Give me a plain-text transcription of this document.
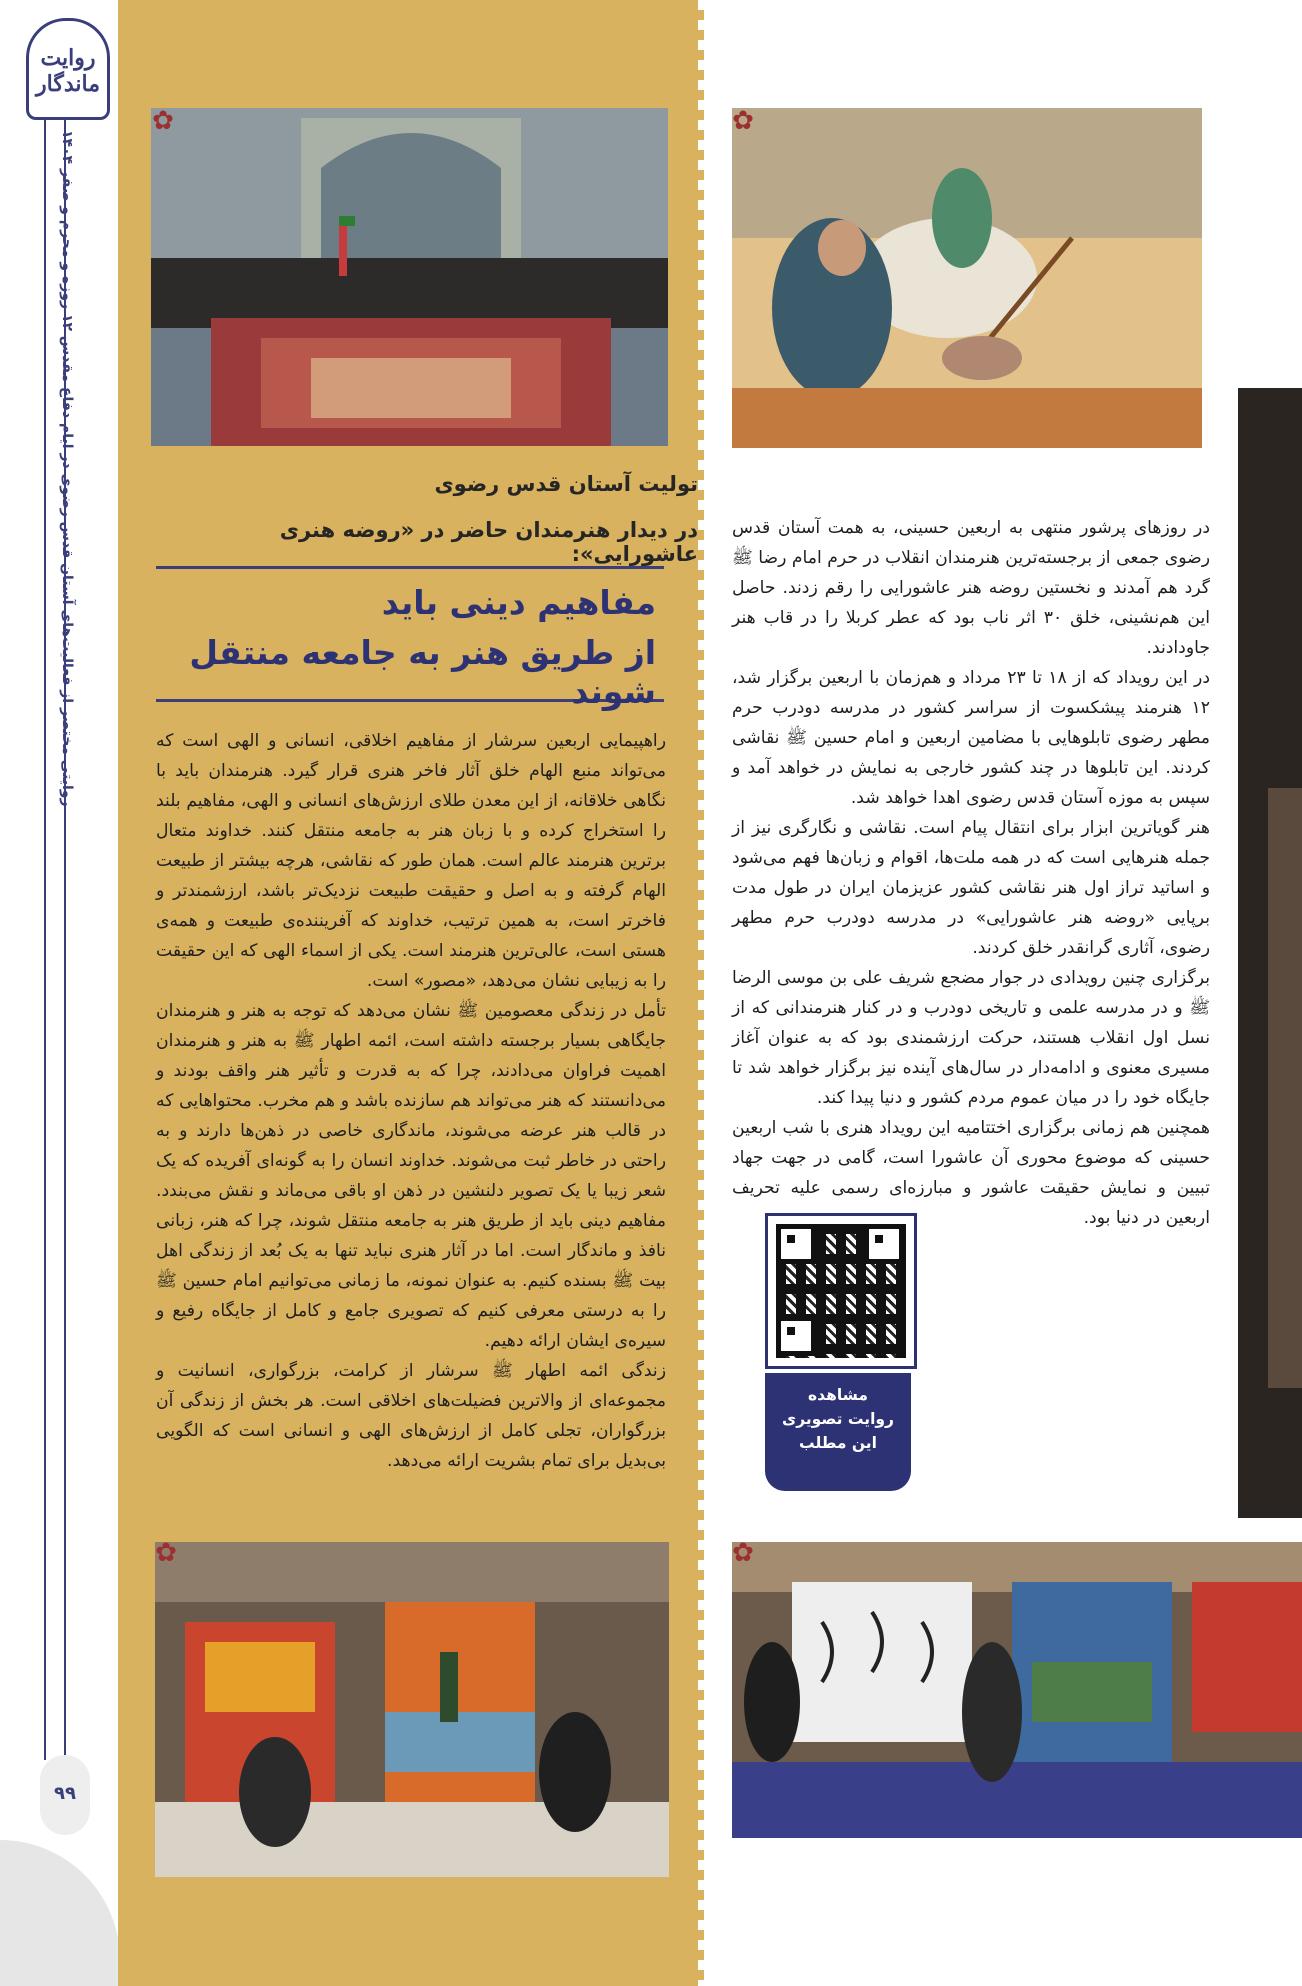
روایتی مختصر از فعالیت‌های آستان قدس رضوی در ایام دفاع مقدس ۱۲ روزه و محرم و صفر ۱۴۰۴
روایت ماندگار
۹۹
✿	✿
تولیت آستان قدس رضوی
در دیدار هنرمندان حاضر در «روضه هنری عاشورایی»:
مفاهیم دینی باید
از طریق هنر به جامعه منتقل شوند

راهپیمایی اربعین سرشار از مفاهیم اخلاقی، انسانی و الهی است که می‌تواند منبع الهام خلق آثار فاخر هنری قرار گیرد. هنرمندان باید با نگاهی خلاقانه، از این معدن طلای ارزش‌های انسانی و الهی، مفاهیم بلند را استخراج کرده و با زبان هنر به جامعه منتقل کنند. خداوند متعال برترین هنرمند عالم است. همان طور که نقاشی، هرچه بیشتر از طبیعت الهام گرفته و به اصل و حقیقت طبیعت نزدیک‌تر باشد، ارزشمندتر و فاخرتر است، به همین ترتیب، خداوند که آفریننده‌ی طبیعت و همه‌ی هستی است، عالی‌ترین هنرمند است. یکی از اسماء الهی که این حقیقت را به زیبایی نشان می‌دهد، «مصور» است.

تأمل در زندگی معصومین ﷺ نشان می‌دهد که توجه به هنر و هنرمندان جایگاهی بسیار برجسته داشته است، ائمه اطهار ﷺ به هنر و هنرمندان اهمیت فراوان می‌دادند، چرا که به قدرت و تأثیر هنر واقف بودند و می‌دانستند که هنر می‌تواند هم سازنده باشد و هم مخرب. محتواهایی که در قالب هنر عرضه می‌شوند، ماندگاری خاصی در ذهن‌ها دارند و به راحتی در خاطر ثبت می‌شوند. خداوند انسان را به گونه‌ای آفریده که یک شعر زیبا یا یک تصویر دلنشین در ذهن او باقی می‌ماند و نقش می‌بندد. مفاهیم دینی باید از طریق هنر به جامعه منتقل شوند، چرا که هنر، زبانی نافذ و ماندگار است. اما در آثار هنری نباید تنها به یک بُعد از زندگی اهل بیت ﷺ بسنده کنیم. به عنوان نمونه، ما زمانی می‌توانیم امام حسین ﷺ را به درستی معرفی کنیم که تصویری جامع و کامل از جایگاه رفیع و سیره‌ی ایشان ارائه دهیم.

زندگی ائمه اطهار ﷺ سرشار از کرامت، بزرگواری، انسانیت و مجموعه‌ای از والاترین فضیلت‌های اخلاقی است. هر بخش از زندگی آن بزرگواران، تجلی کامل از ارزش‌های الهی و انسانی است که الگویی بی‌بدیل برای تمام بشریت ارائه می‌دهد.

در روزهای پرشور منتهی به اربعین حسینی، به همت آستان قدس رضوی جمعی از برجسته‌ترین هنرمندان انقلاب در حرم امام رضا ﷺ گرد هم آمدند و نخستین روضه هنر عاشورایی را رقم زدند. حاصل این هم‌نشینی، خلق ۳۰ اثر ناب بود که عطر کربلا را در قاب هنر جاودادند.

در این رویداد که از ۱۸ تا ۲۳ مرداد و هم‌زمان با اربعین برگزار شد، ۱۲ هنرمند پیشکسوت از سراسر کشور در مدرسه دودرب حرم مطهر رضوی تابلوهایی با مضامین اربعین و امام حسین ﷺ نقاشی کردند. این تابلوها در چند کشور خارجی به نمایش در خواهد آمد و سپس به موزه آستان قدس رضوی اهدا خواهد شد.

هنر گویاترین ابزار برای انتقال پیام است. نقاشی و نگارگری نیز از جمله هنرهایی است که در همه ملت‌ها، اقوام و زبان‌ها فهم می‌شود و اساتید تراز اول هنر نقاشی کشور عزیزمان ایران در طول مدت برپایی «روضه هنر عاشورایی» در مدرسه دودرب حرم مطهر رضوی، آثاری گرانقدر خلق کردند.

برگزاری چنین رویدادی در جوار مضجع شریف علی بن موسی الرضا ﷺ و در مدرسه علمی و تاریخی دودرب و در کنار هنرمندانی که از نسل اول انقلاب هستند، حرکت ارزشمندی بود که به عنوان آغاز مسیری معنوی و ادامه‌دار در سال‌های آینده نیز برگزار خواهد شد تا جایگاه خود را در میان عموم مردم کشور و دنیا پیدا کند.

همچنین هم زمانی برگزاری اختتامیه این رویداد هنری با شب اربعین حسینی که موضوع محوری آن عاشورا است، گامی در جهت جهاد تبیین و نمایش حقیقت عاشور و مبارزه‌ای رسمی علیه تحریف اربعین در دنیا بود.

مشاهده
روایت تصویری
این مطلب
✿	✿
